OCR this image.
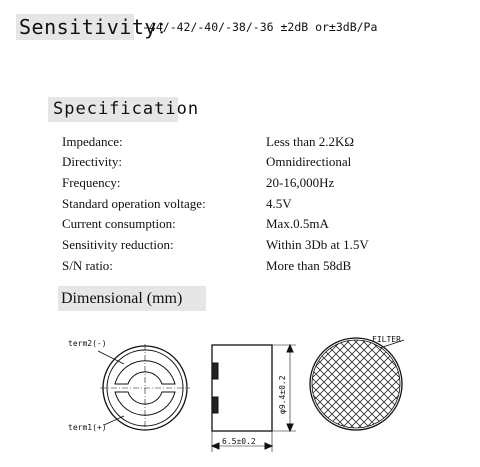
Sensitivity：
-44/-42/-40/-38/-36 ±2dB or±3dB/Pa
Specification
Impedance:	Less than 2.2KΩ
Directivity:	Omnidirectional
Frequency:	20-16,000Hz
Standard operation voltage:	4.5V
Current consumption:	Max.0.5mA
Sensitivity reduction:	Within 3Db at 1.5V
S/N ratio:	More than 58dB
Dimensional (mm)
term2(-)
term1(+)
φ9.4±0.2
6.5±0.2
FILTER
